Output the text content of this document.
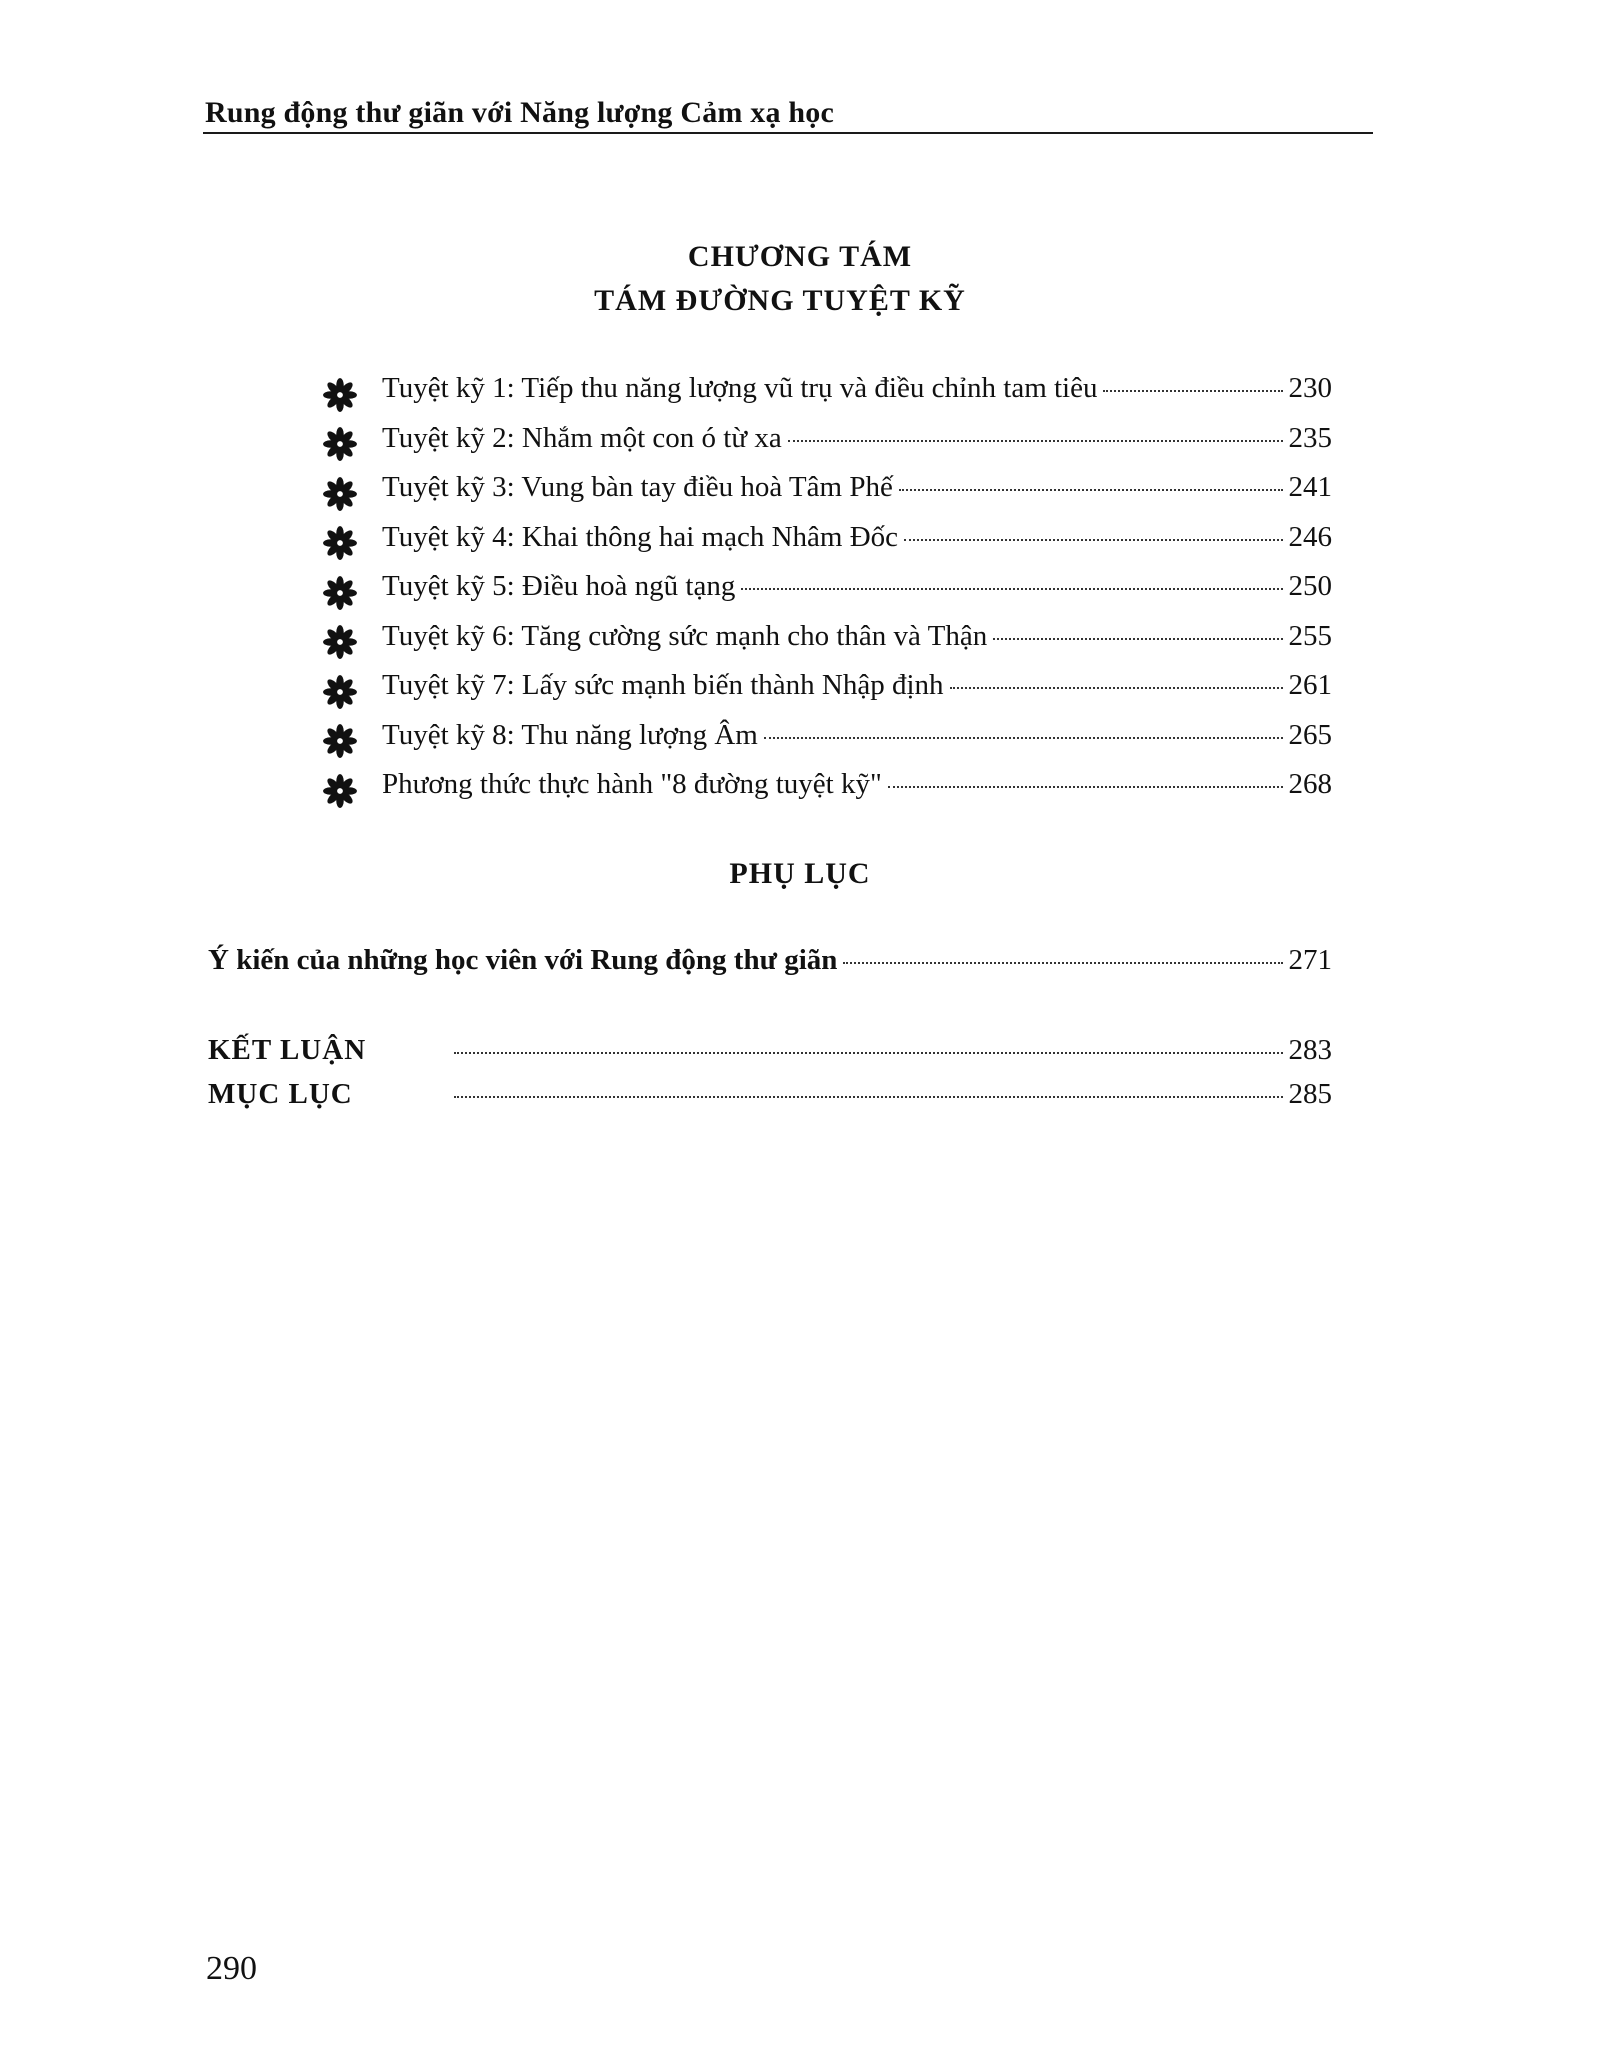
Rung động thư giãn với Năng lượng Cảm xạ học
CHƯƠNG TÁM
TÁM ĐƯỜNG TUYỆT KỸ
Tuyệt kỹ 1: Tiếp thu năng lượng vũ trụ và điều chỉnh tam tiêu	230
Tuyệt kỹ 2: Nhắm một con ó từ xa	235
Tuyệt kỹ 3: Vung bàn tay điều hoà Tâm Phế	241
Tuyệt kỹ 4: Khai thông hai mạch Nhâm Đốc	246
Tuyệt kỹ 5: Điều hoà ngũ tạng	250
Tuyệt kỹ 6: Tăng cường sức mạnh cho thân và Thận	255
Tuyệt kỹ 7: Lấy sức mạnh biến thành Nhập định	261
Tuyệt kỹ 8: Thu năng lượng Âm	265
Phương thức thực hành "8 đường tuyệt kỹ"	268
PHỤ LỤC
Ý kiến của những học viên với Rung động thư giãn	271
KẾT LUẬN	283
MỤC LỤC	285
290
